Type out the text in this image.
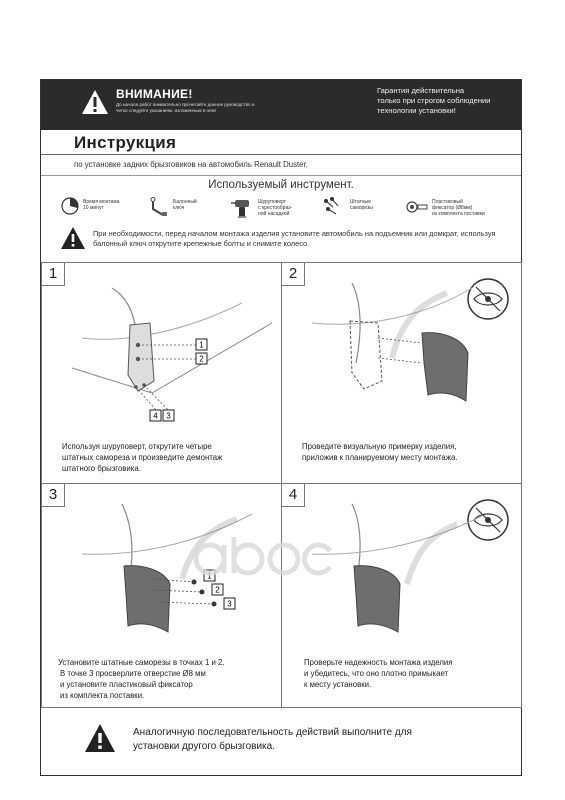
ВНИМАНИЕ!
До начала работ внимательно прочитайте данное руководство и четко следуйте указаниям, изложенным в нем!
Гарантия действительна
только при строгом соблюдении
технологии установки!
Инструкция
по установке задних брызговиков на автомобиль Renault Duster.
Используемый инструмент.
Время монтажа
10 минут
Балонный
ключ
Шуруповерт
с крестообраз-
ной насадкой
Штатные
саморезы
Пластиковый
фиксатор (Ø8мм)
из комплекта поставки
При необходимости, перед началом монтажа изделия установите автомобиль на подъемник или домкрат, используя балонный ключ открутите крепежные болты и снимите колесо.
1
2
4 3
1
Используя шуруповерт, открутите четыре
штатных самореза и произведите демонтаж
штатного брызговика.
2
Проведите визуальную примерку изделия,
приложив к планируемому месту монтажа.
1
2
3
3
Установите штатные саморезы в точках 1 и 2.
В точке 3 просверлите отверстие Ø8 мм
и установите пластиковый фиксатор
из комплекта поставки.
4
Проверьте надежность монтажа изделия
и убедитесь, что оно плотно примыкает
к месту установки.
Аналогичную последовательность действий выполните для
установки другого брызговика.
